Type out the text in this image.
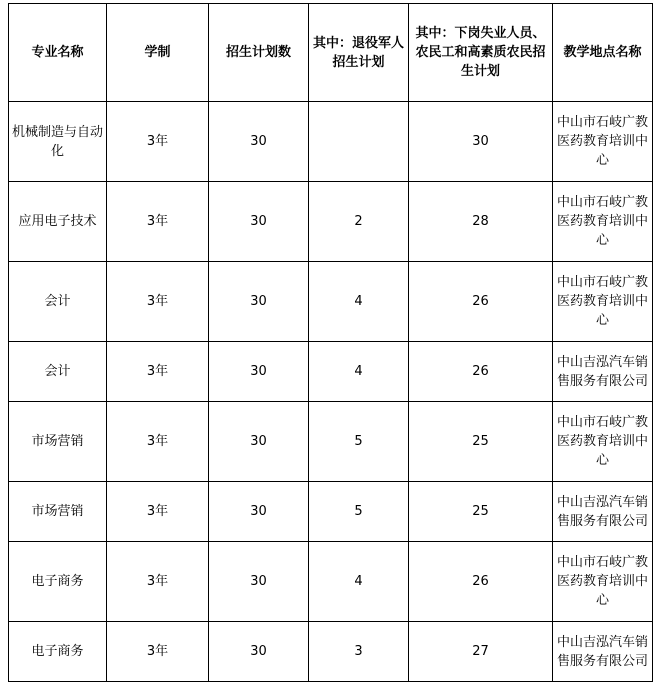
专业名称	学制	招生计划数	其中：退役军人招生计划	其中：下岗失业人员、农民工和高素质农民招生计划	教学地点名称
机械制造与自动化	3年	30		30	中山市石岐广教医药教育培训中心
应用电子技术	3年	30	2	28	中山市石岐广教医药教育培训中心
会计	3年	30	4	26	中山市石岐广教医药教育培训中心
会计	3年	30	4	26	中山吉泓汽车销售服务有限公司
市场营销	3年	30	5	25	中山市石岐广教医药教育培训中心
市场营销	3年	30	5	25	中山吉泓汽车销售服务有限公司
电子商务	3年	30	4	26	中山市石岐广教医药教育培训中心
电子商务	3年	30	3	27	中山吉泓汽车销售服务有限公司
